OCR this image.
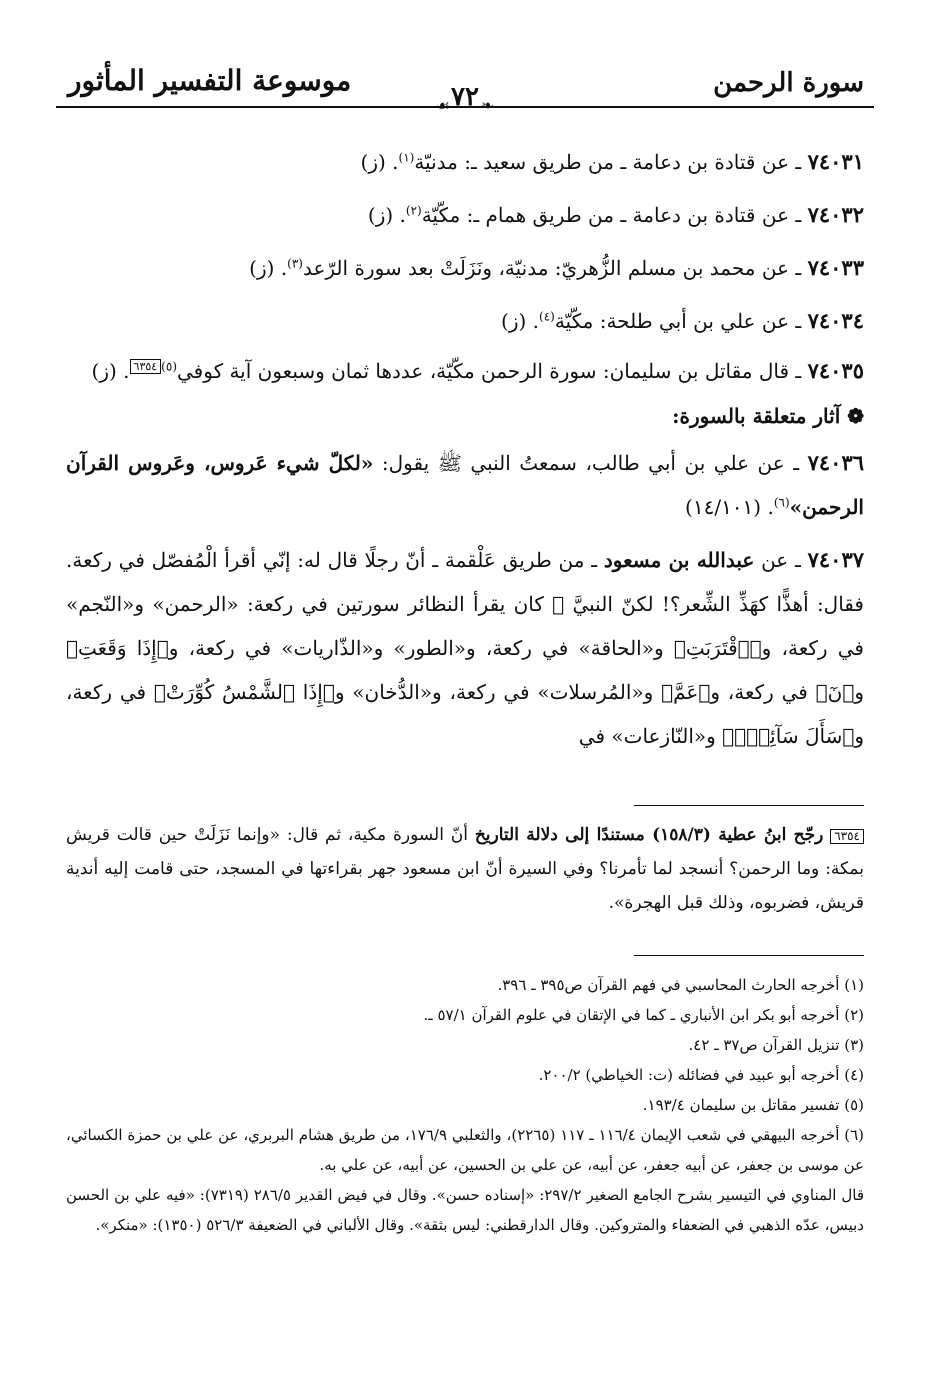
سورة الرحمن
موسوعة التفسير المأثور
❧
☙ ٧٢
٧٤٠٣١ ـ عن قتادة بن دعامة ـ من طريق سعيد ـ: مدنيّة$^{(١)}$. (ز)
٧٤٠٣٢ ـ عن قتادة بن دعامة ـ من طريق همام ـ: مكّيّة$^{(٢)}$. (ز)
٧٤٠٣٣ ـ عن محمد بن مسلم الزُّهريّ: مدنيّة، ونَزَلَتْ بعد سورة الرّعد$^{(٣)}$. (ز)
٧٤٠٣٤ ـ عن علي بن أبي طلحة: مكّيّة$^{(٤)}$. (ز)
٧٤٠٣٥ ـ قال مقاتل بن سليمان: سورة الرحمن مكّيّة، عددها ثمان وسبعون آية كوفي$^{(٥)}$٦٣٥٤. (ز)
❁ آثار متعلقة بالسورة:
٧٤٠٣٦ ـ عن علي بن أبي طالب، سمعتُ النبي ﷺ يقول: «لكلّ شيء عَروس، وعَروس القرآن الرحمن»$^{(٦)}$. (١٤/١٠١)
٧٤٠٣٧ ـ عن عبدالله بن مسعود ـ من طريق عَلْقمة ـ أنّ رجلًا قال له: إنّي أقرأ الْمُفصّل في ركعة. فقال: أهذًّا كهَذِّ الشِّعر؟! لكنّ النبيَّ ﷺ كان يقرأ النظائر سورتين في ركعة: «الرحمن» و«النّجم» في ركعة، و﴿ٱقْتَرَبَتِ﴾ و«الحاقة» في ركعة، و«الطور» و«الذّاريات» في ركعة، و﴿إِذَا وَقَعَتِ﴾ و﴿نٓ﴾ في ركعة، و﴿عَمَّ﴾ و«المُرسلات» في ركعة، و«الدُّخان» و﴿إِذَا ٱلشَّمْسُ كُوِّرَتْ﴾ في ركعة، و﴿سَأَلَ سَآئِلٌۢ﴾ و«النّازعات» في
٦٣٥٤ رجّح ابنُ عطية (١٥٨/٣) مستندًا إلى دلالة التاريخ أنّ السورة مكية، ثم قال: «وإنما نَزَلَتْ حين قالت قريش بمكة: وما الرحمن؟ أنسجد لما تأمرنا؟ وفي السيرة أنّ ابن مسعود جهر بقراءتها في المسجد، حتى قامت إليه أندية قريش، فضربوه، وذلك قبل الهجرة».
(١) أخرجه الحارث المحاسبي في فهم القرآن ص٣٩٥ ـ ٣٩٦.
(٢) أخرجه أبو بكر ابن الأنباري ـ كما في الإتقان في علوم القرآن ٥٧/١ ـ.
(٣) تنزيل القرآن ص٣٧ ـ ٤٢.
(٤) أخرجه أبو عبيد في فضائله (ت: الخياطي) ٢٠٠/٢.
(٥) تفسير مقاتل بن سليمان ١٩٣/٤.
(٦) أخرجه البيهقي في شعب الإيمان ١١٦/٤ ـ ١١٧ (٢٢٦٥)، والثعلبي ١٧٦/٩، من طريق هشام البربري، عن علي بن حمزة الكسائي، عن موسى بن جعفر، عن أبيه جعفر، عن أبيه، عن علي بن الحسين، عن أبيه، عن علي به.
قال المناوي في التيسير بشرح الجامع الصغير ٢٩٧/٢: «إسناده حسن». وقال في فيض القدير ٢٨٦/٥ (٧٣١٩): «فيه علي بن الحسن دبيس، عدّه الذهبي في الضعفاء والمتروكين. وقال الدارقطني: ليس بثقة». وقال الألباني في الضعيفة ٥٢٦/٣ (١٣٥٠): «منكر».
